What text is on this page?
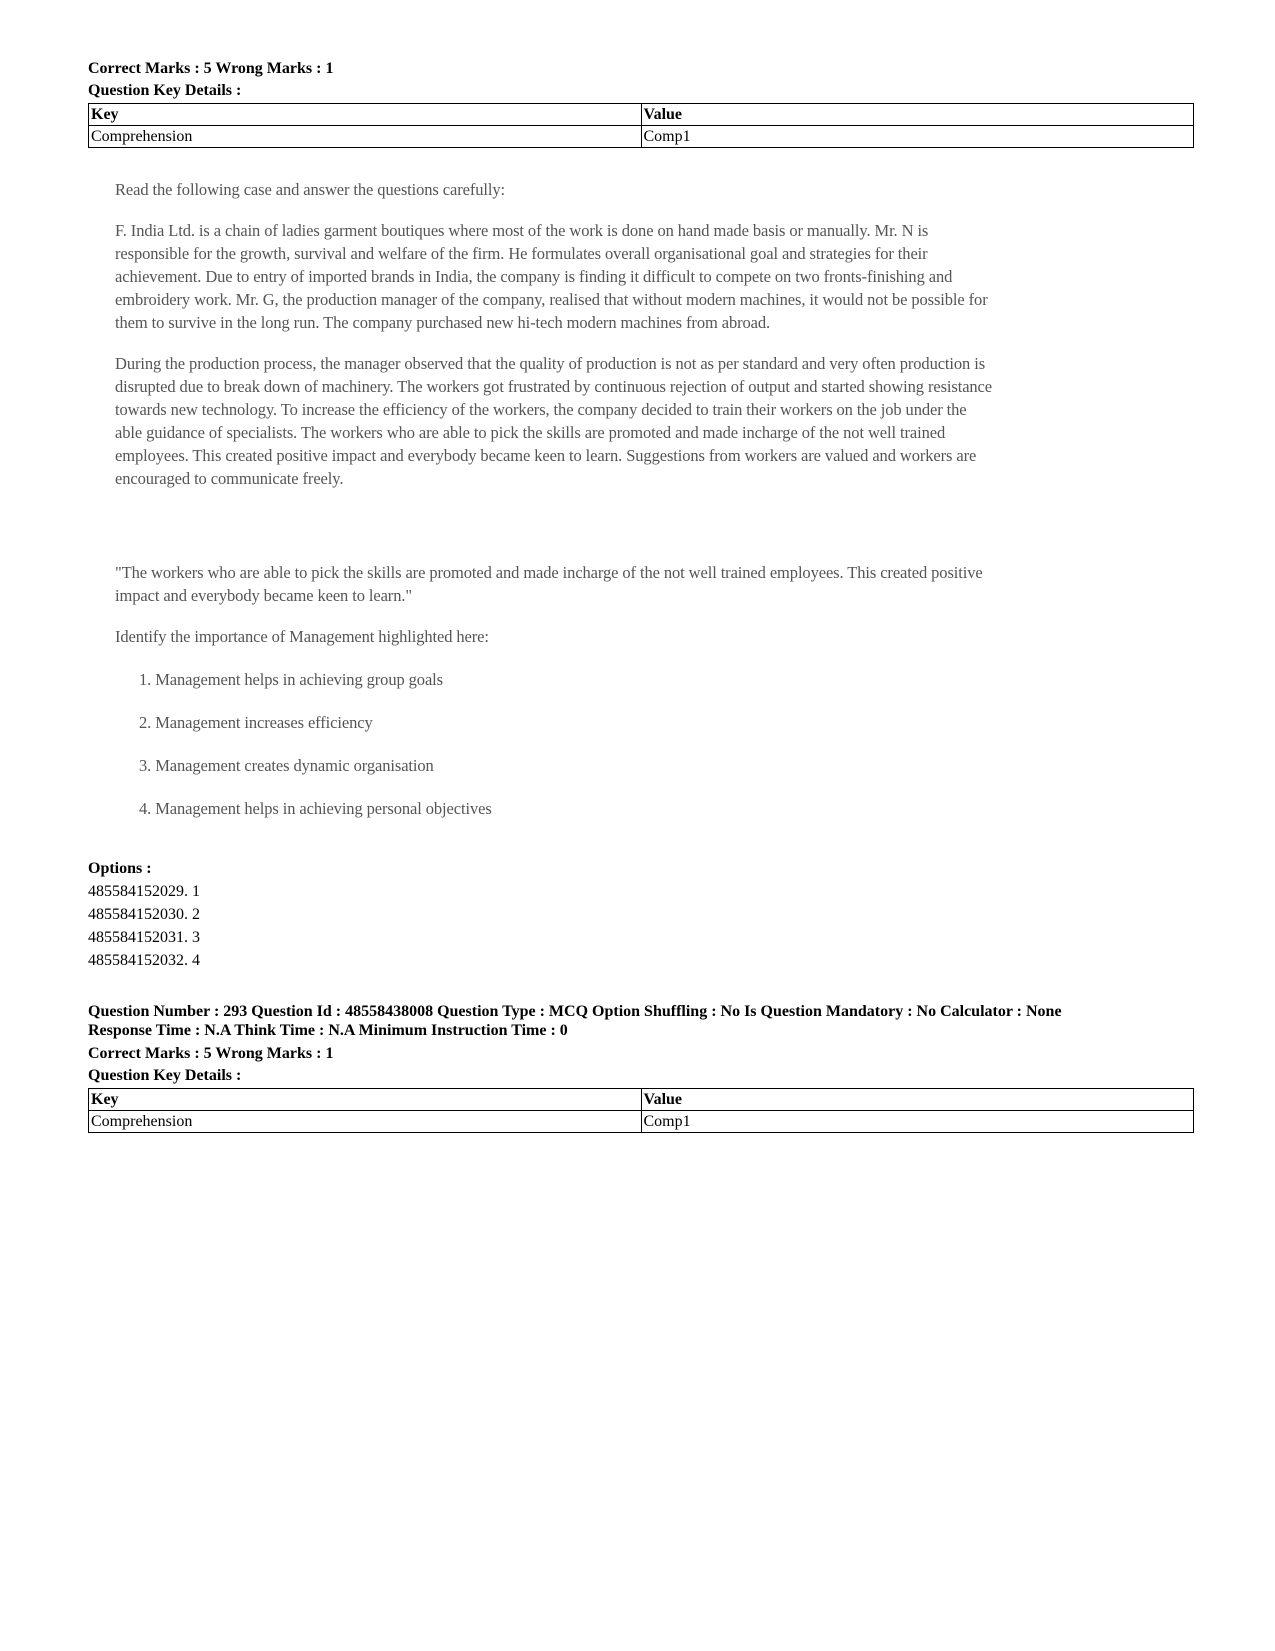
Correct Marks : 5 Wrong Marks : 1
Question Key Details :
Key	Value
Comprehension	Comp1

Read the following case and answer the questions carefully:

F. India Ltd. is a chain of ladies garment boutiques where most of the work is done on hand made basis or manually. Mr. N is responsible for the growth, survival and welfare of the firm. He formulates overall organisational goal and strategies for their achievement. Due to entry of imported brands in India, the company is finding it difficult to compete on two fronts-finishing and embroidery work. Mr. G, the production manager of the company, realised that without modern machines, it would not be possible for them to survive in the long run. The company purchased new hi-tech modern machines from abroad.

During the production process, the manager observed that the quality of production is not as per standard and very often production is disrupted due to break down of machinery. The workers got frustrated by continuous rejection of output and started showing resistance towards new technology. To increase the efficiency of the workers, the company decided to train their workers on the job under the able guidance of specialists. The workers who are able to pick the skills are promoted and made incharge of the not well trained employees. This created positive impact and everybody became keen to learn. Suggestions from workers are valued and workers are encouraged to communicate freely.

"The workers who are able to pick the skills are promoted and made incharge of the not well trained employees. This created positive impact and everybody became keen to learn."

Identify the importance of Management highlighted here:

1. Management helps in achieving group goals
2. Management increases efficiency
3. Management creates dynamic organisation
4. Management helps in achieving personal objectives
Options :
485584152029. 1
485584152030. 2
485584152031. 3
485584152032. 4
Question Number : 293 Question Id : 48558438008 Question Type : MCQ Option Shuffling : No Is Question Mandatory : No Calculator : None
Response Time : N.A Think Time : N.A Minimum Instruction Time : 0
Correct Marks : 5 Wrong Marks : 1
Question Key Details :
Key	Value
Comprehension	Comp1
